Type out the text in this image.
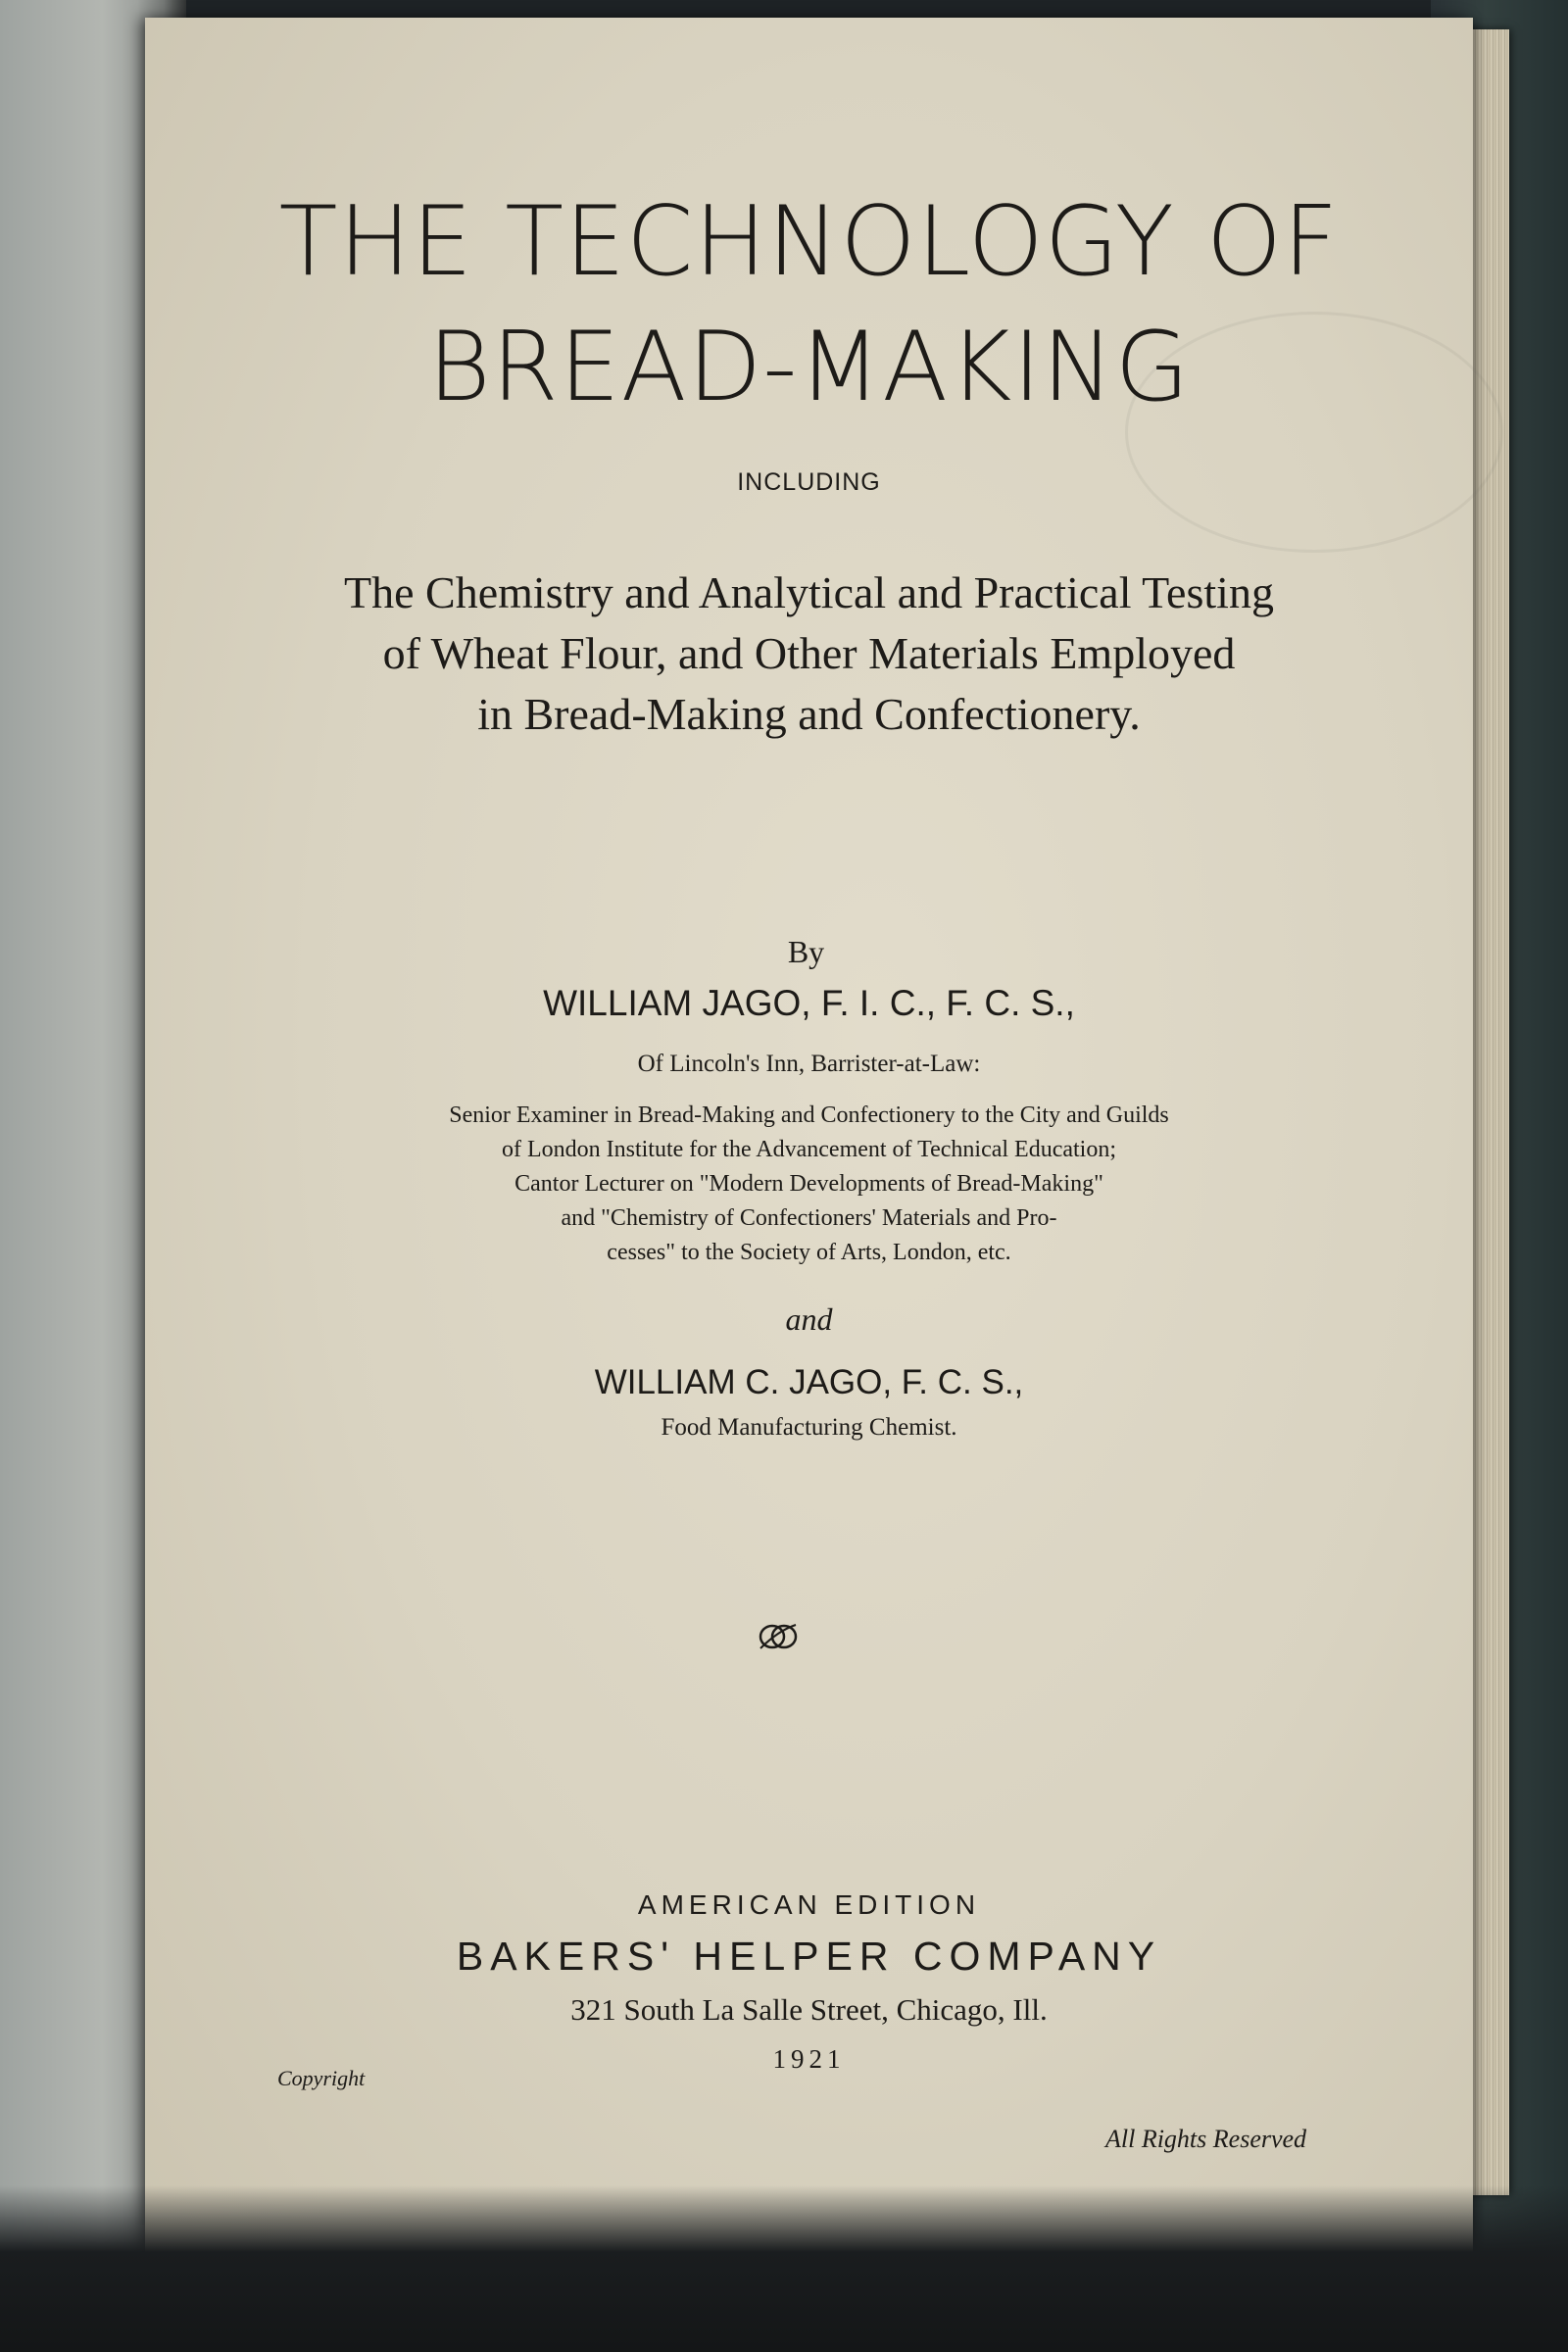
THE TECHNOLOGY OF

BREAD-MAKING

INCLUDING

The Chemistry and Analytical and Practical Testing

of Wheat Flour, and Other Materials Employed

in Bread-Making and Confectionery.

By

WILLIAM JAGO, F. I. C., F. C. S.,

Of Lincoln's Inn, Barrister-at-Law:

Senior Examiner in Bread-Making and Confectionery to the City and Guilds

of London Institute for the Advancement of Technical Education;

Cantor Lecturer on "Modern Developments of Bread-Making"

and "Chemistry of Confectioners' Materials and Pro-

cesses" to the Society of Arts, London, etc.

and

WILLIAM C. JAGO, F. C. S.,

Food Manufacturing Chemist.

AMERICAN EDITION

BAKERS' HELPER COMPANY

321 South La Salle Street, Chicago, Ill.

1921

Copyright

All Rights Reserved
